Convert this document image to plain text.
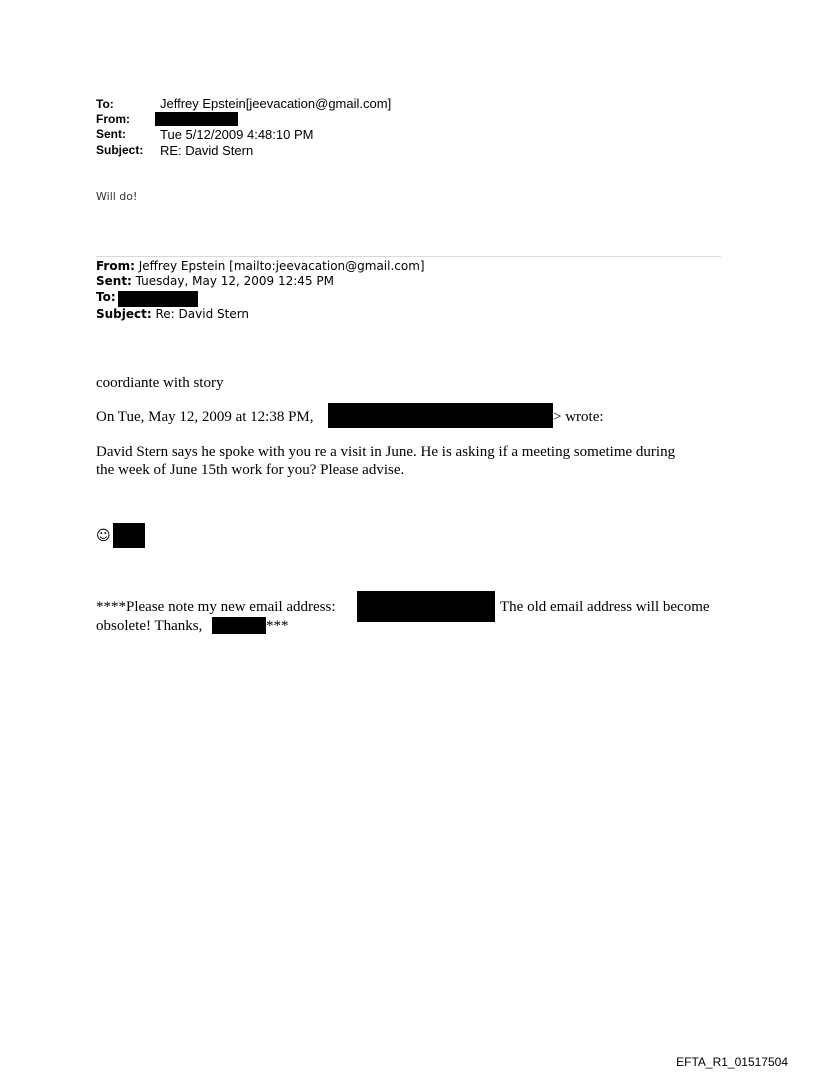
To:	Jeffrey Epstein[jeevacation@gmail.com]
From:
Sent:	Tue 5/12/2009 4:48:10 PM
Subject: RE: David Stern
Will do!
From: Jeffrey Epstein [mailto:jeevacation@gmail.com]
Sent: Tuesday, May 12, 2009 12:45 PM
To:
Subject: Re: David Stern
coordiante with story
On Tue, May 12, 2009 at 12:38 PM,	> wrote:
David Stern says he spoke with you re a visit in June. He is asking if a meeting sometime during
the week of June 15th work for you? Please advise.
☺
****Please note my new email address:	The old email address will become
obsolete! Thanks,	***
EFTA_R1_01517504
